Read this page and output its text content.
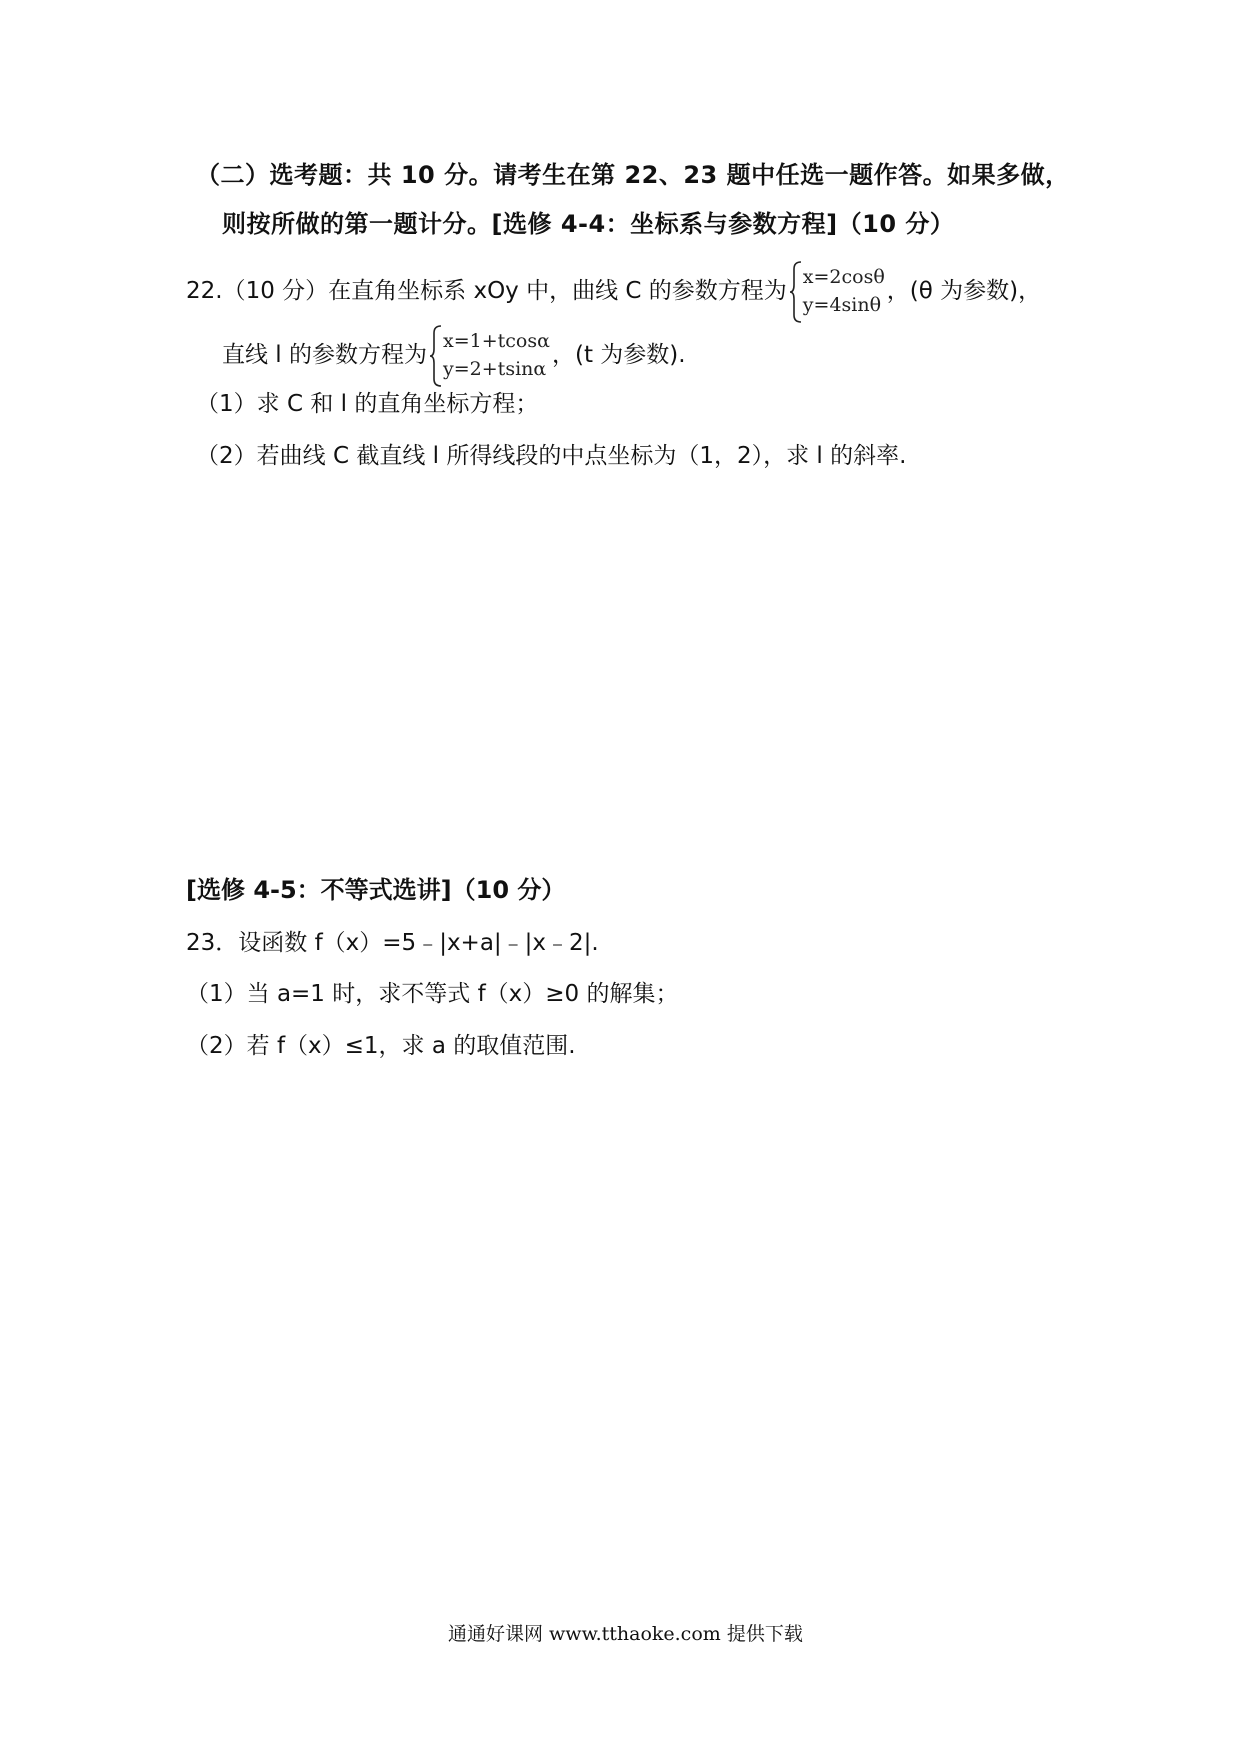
（二）选考题：共 10 分。请考生在第 22、23 题中任选一题作答。如果多做，
则按所做的第一题计分。[选修 4-4：坐标系与参数方程]（10 分）
22.（10 分）在直角坐标系 xOy 中，曲线 C 的参数方程为
x=2cosθ
y=4sinθ
，(θ 为参数)，
直线 l 的参数方程为
x=1+tcosα
y=2+tsinα
，(t 为参数).
（1）求 C 和 l 的直角坐标方程；
（2）若曲线 C 截直线 l 所得线段的中点坐标为（1，2），求 l 的斜率.
[选修 4-5：不等式选讲]（10 分）
23．设函数 f（x）=5﹣|x+a|﹣|x﹣2|.
（1）当 a=1 时，求不等式 f（x）≥0 的解集；
（2）若 f（x）≤1，求 a 的取值范围.
通通好课网 www.tthaoke.com 提供下载
